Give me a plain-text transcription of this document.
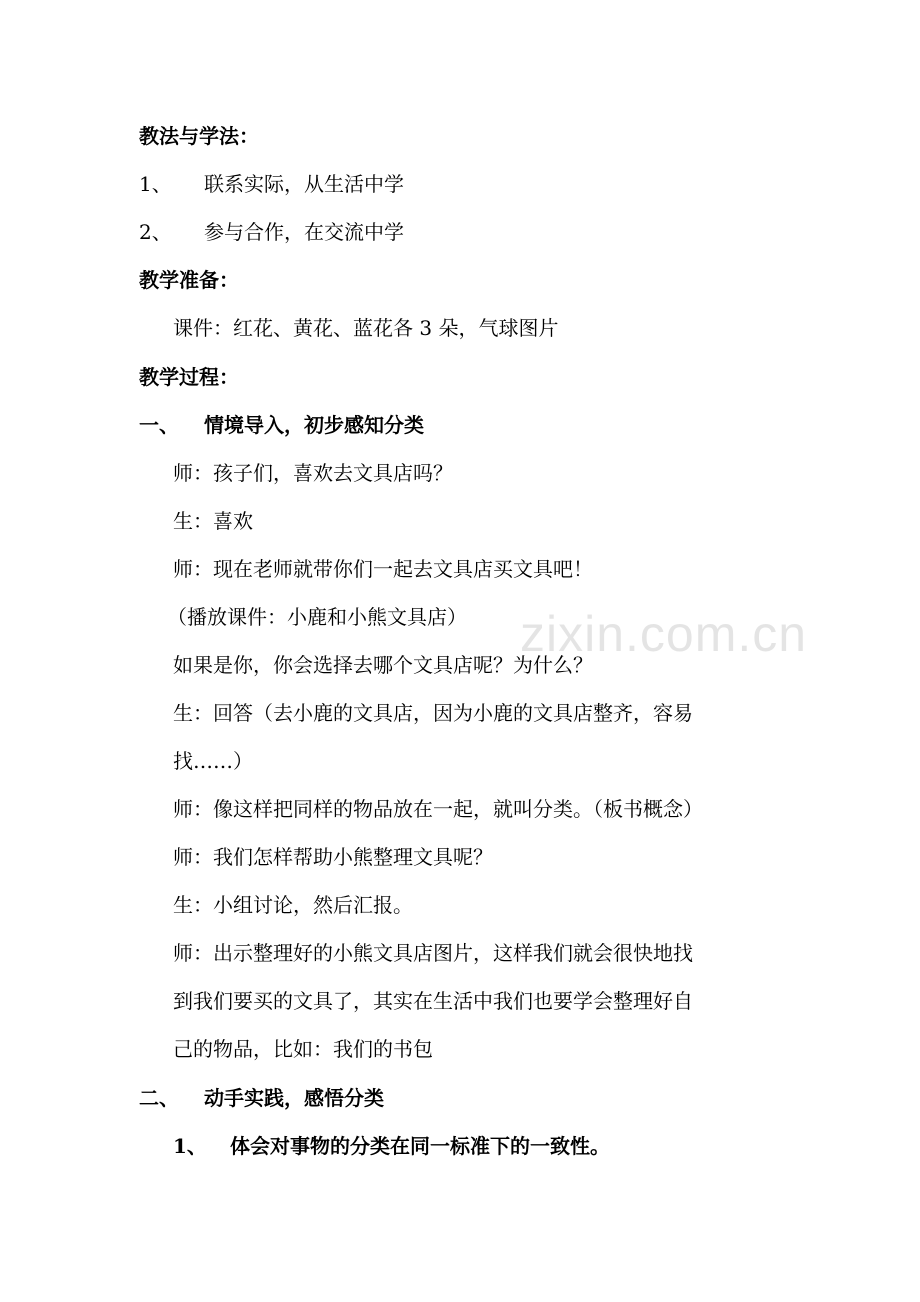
教法与学法：
1、 联系实际，从生活中学
2、 参与合作，在交流中学
教学准备：
课件：红花、黄花、蓝花各 3 朵，气球图片
教学过程：
一、 情境导入，初步感知分类
师：孩子们，喜欢去文具店吗？
生：喜欢
师：现在老师就带你们一起去文具店买文具吧！
（播放课件：小鹿和小熊文具店）
如果是你，你会选择去哪个文具店呢？为什么？
生：回答（去小鹿的文具店，因为小鹿的文具店整齐，容易
找……）
师：像这样把同样的物品放在一起，就叫分类。（板书概念）
师：我们怎样帮助小熊整理文具呢？
生：小组讨论，然后汇报。
师：出示整理好的小熊文具店图片，这样我们就会很快地找
到我们要买的文具了，其实在生活中我们也要学会整理好自
己的物品，比如：我们的书包
二、 动手实践，感悟分类
1、 体会对事物的分类在同一标准下的一致性。
zixin.com.cn
